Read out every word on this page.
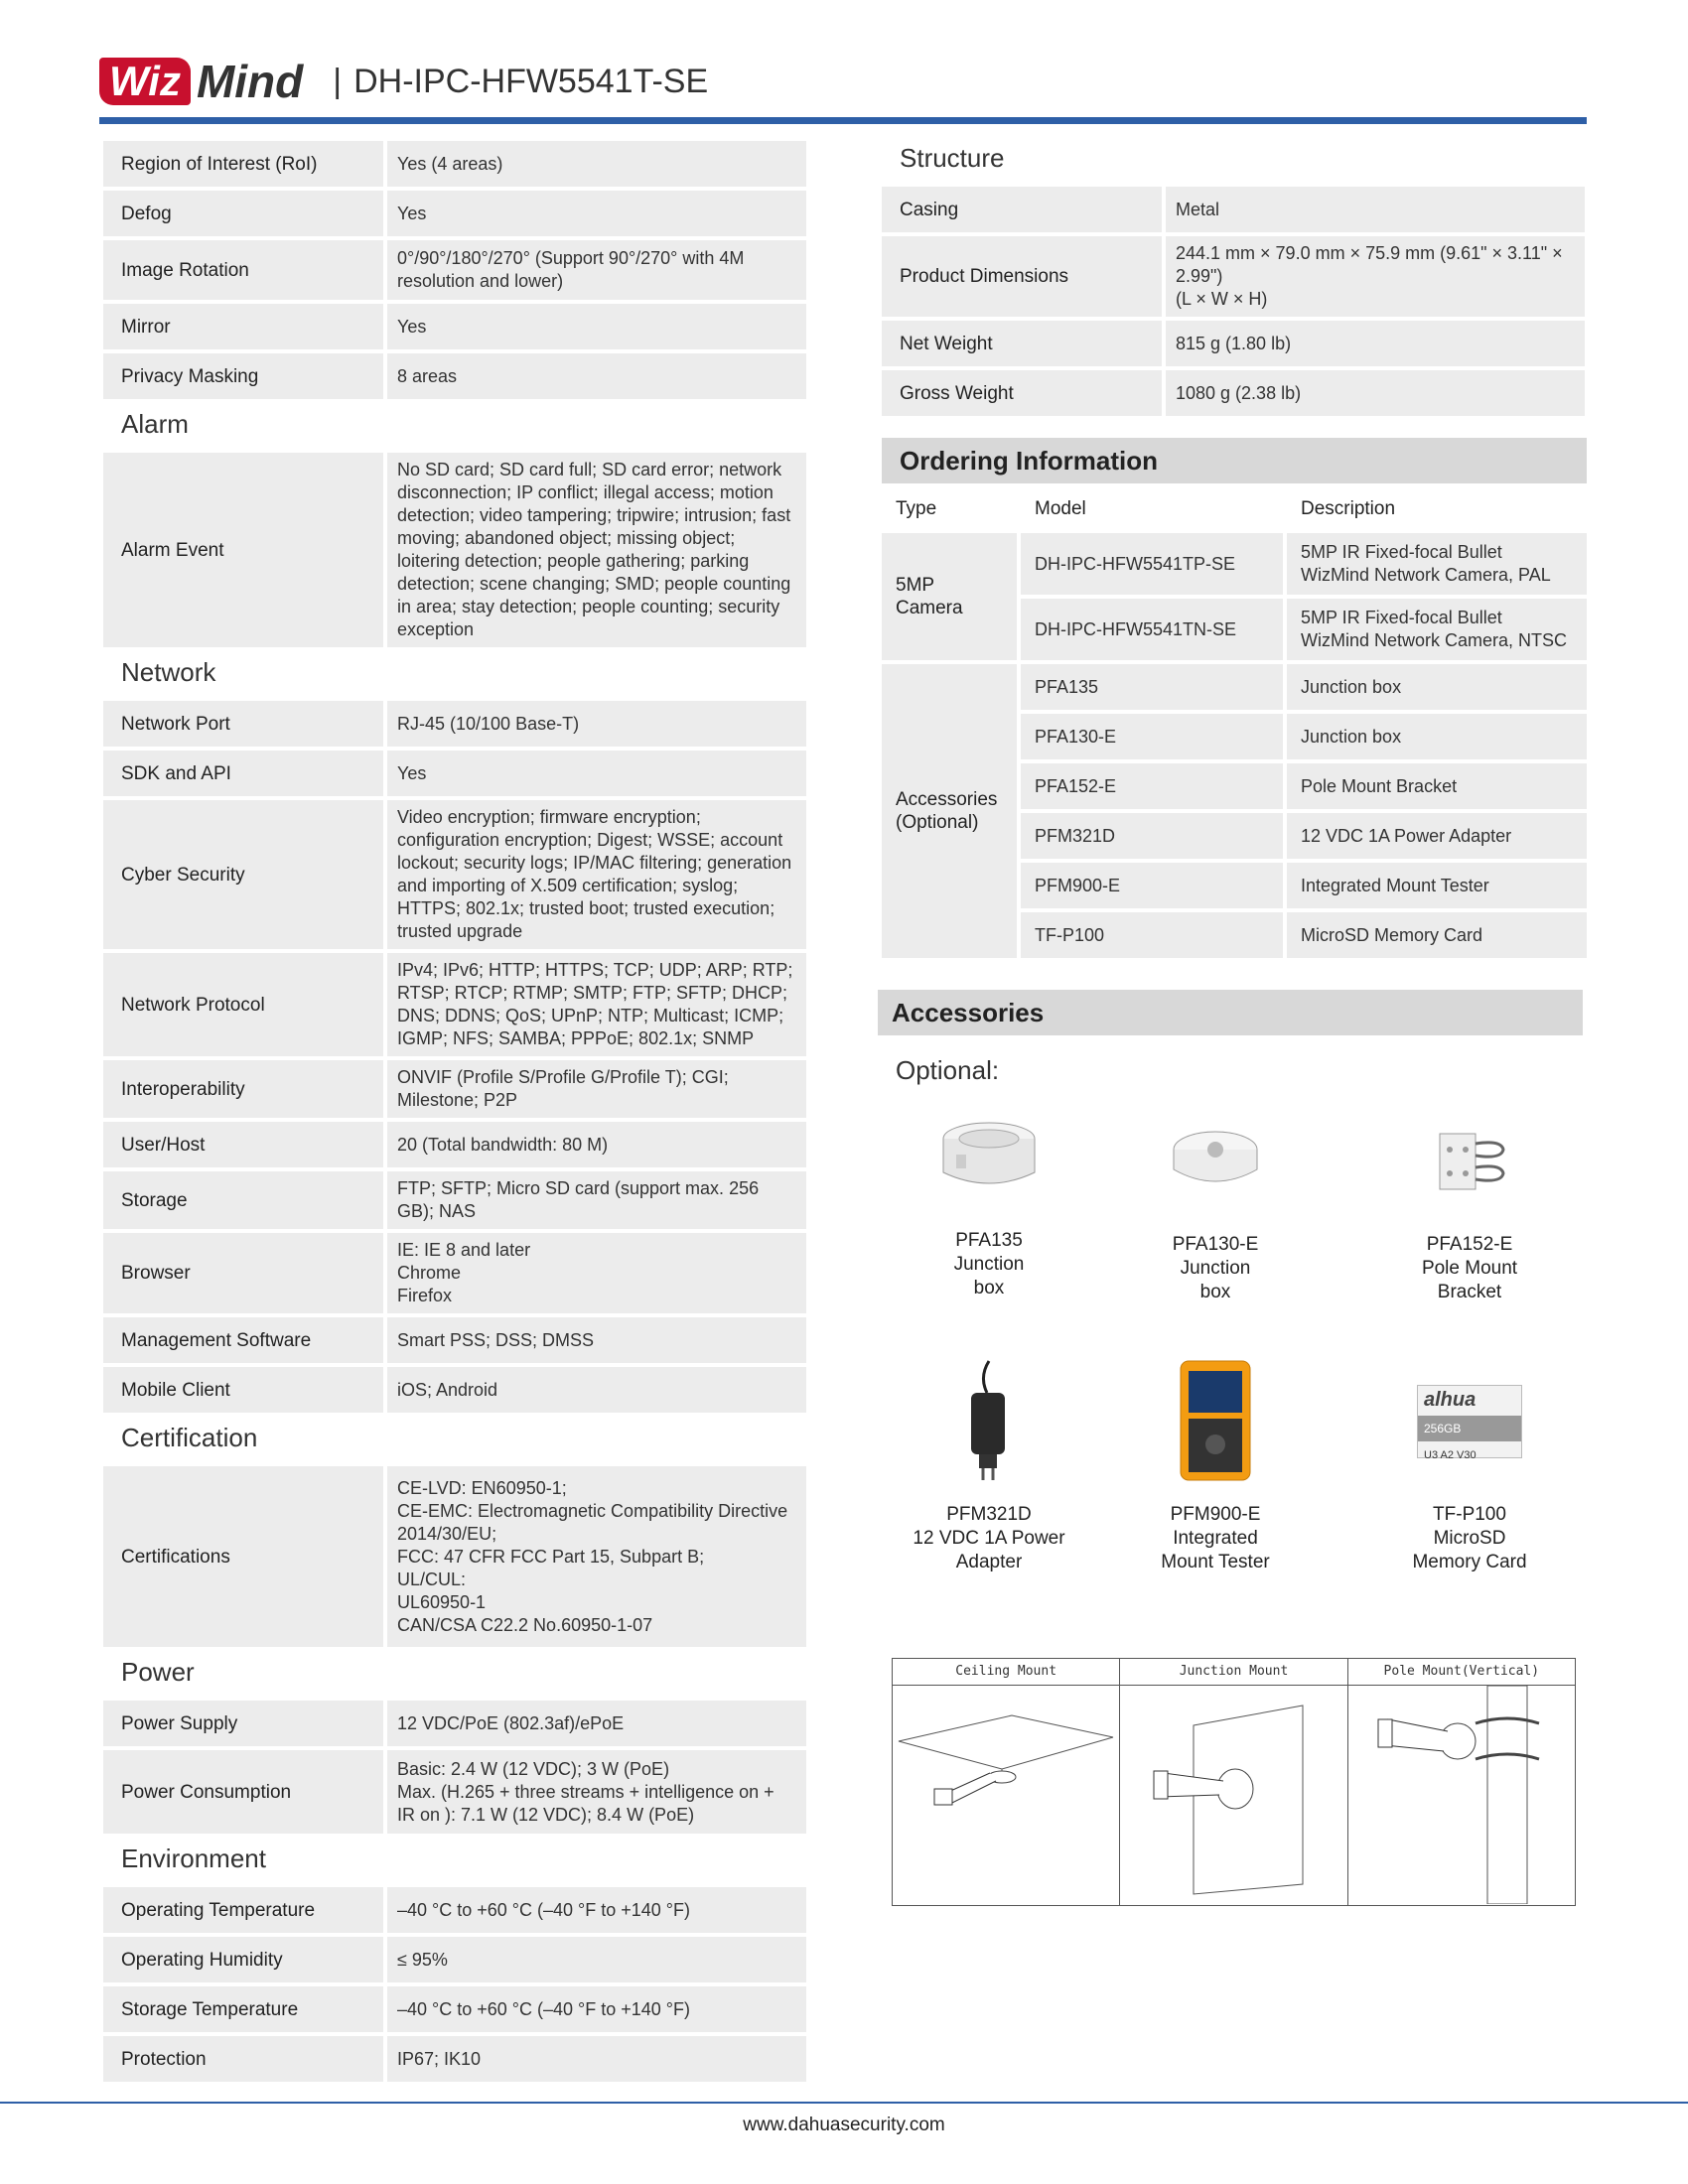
Wiz Mind | DH-IPC-HFW5541T-SE
Region of Interest (RoI)	Yes (4 areas)
Defog	Yes
Image Rotation	0°/90°/180°/270° (Support 90°/270° with 4M resolution and lower)
Mirror	Yes
Privacy Masking	8 areas
Alarm
Alarm Event	No SD card; SD card full; SD card error; network disconnection; IP conflict; illegal access; motion detection; video tampering; tripwire; intrusion; fast moving; abandoned object; missing object; loitering detection; people gathering; parking detection; scene changing; SMD; people counting in area; stay detection; people counting; security exception
Network
Network Port	RJ-45 (10/100 Base-T)
SDK and API	Yes
Cyber Security	Video encryption; firmware encryption; configuration encryption; Digest; WSSE; account lockout; security logs; IP/MAC filtering; generation and importing of X.509 certification; syslog; HTTPS; 802.1x; trusted boot; trusted execution; trusted upgrade
Network Protocol	IPv4; IPv6; HTTP; HTTPS; TCP; UDP; ARP; RTP; RTSP; RTCP; RTMP; SMTP; FTP; SFTP; DHCP; DNS; DDNS; QoS; UPnP; NTP; Multicast; ICMP; IGMP; NFS; SAMBA; PPPoE; 802.1x; SNMP
Interoperability	ONVIF (Profile S/Profile G/Profile T); CGI; Milestone; P2P
User/Host	20 (Total bandwidth: 80 M)
Storage	FTP; SFTP; Micro SD card (support max. 256 GB); NAS
Browser	IE: IE 8 and later
Chrome
Firefox
Management Software	Smart PSS; DSS; DMSS
Mobile Client	iOS; Android
Certification
Certifications	CE-LVD: EN60950-1;
CE-EMC: Electromagnetic Compatibility Directive 2014/30/EU;
FCC: 47 CFR FCC Part 15, Subpart B;
UL/CUL:
UL60950-1
CAN/CSA C22.2 No.60950-1-07
Power
Power Supply	12 VDC/PoE (802.3af)/ePoE
Power Consumption	Basic: 2.4 W (12 VDC); 3 W (PoE)
Max. (H.265 + three streams + intelligence on + IR on ): 7.1 W (12 VDC); 8.4 W (PoE)
Environment
Operating Temperature	–40 °C to +60 °C (–40 °F to +140 °F)
Operating Humidity	≤ 95%
Storage Temperature	–40 °C to +60 °C (–40 °F to +140 °F)
Protection	IP67; IK10
Structure
Casing	Metal
Product Dimensions	244.1 mm × 79.0 mm × 75.9 mm (9.61" × 3.11" × 2.99")
(L × W × H)
Net Weight	815 g (1.80 lb)
Gross Weight	1080 g (2.38 lb)
Ordering Information
Type	Model	Description
5MP Camera	DH-IPC-HFW5541TP-SE	5MP IR Fixed-focal Bullet WizMind Network Camera, PAL
	DH-IPC-HFW5541TN-SE	5MP IR Fixed-focal Bullet WizMind Network Camera, NTSC
Accessories
(Optional)	PFA135	Junction box
	PFA130-E	Junction box
	PFA152-E	Pole Mount Bracket
	PFM321D	12 VDC 1A Power Adapter
	PFM900-E	Integrated Mount Tester
	TF-P100	MicroSD Memory Card
Accessories
Optional:
PFA135
Junction
box
PFA130-E
Junction
box
PFA152-E
Pole Mount
Bracket
PFM321D
12 VDC 1A Power
Adapter
PFM900-E
Integrated
Mount Tester
alhua
256GB
U3 A2 V30
TF-P100
MicroSD
Memory Card
Ceiling Mount	Junction Mount	Pole Mount(Vertical)
www.dahuasecurity.com
